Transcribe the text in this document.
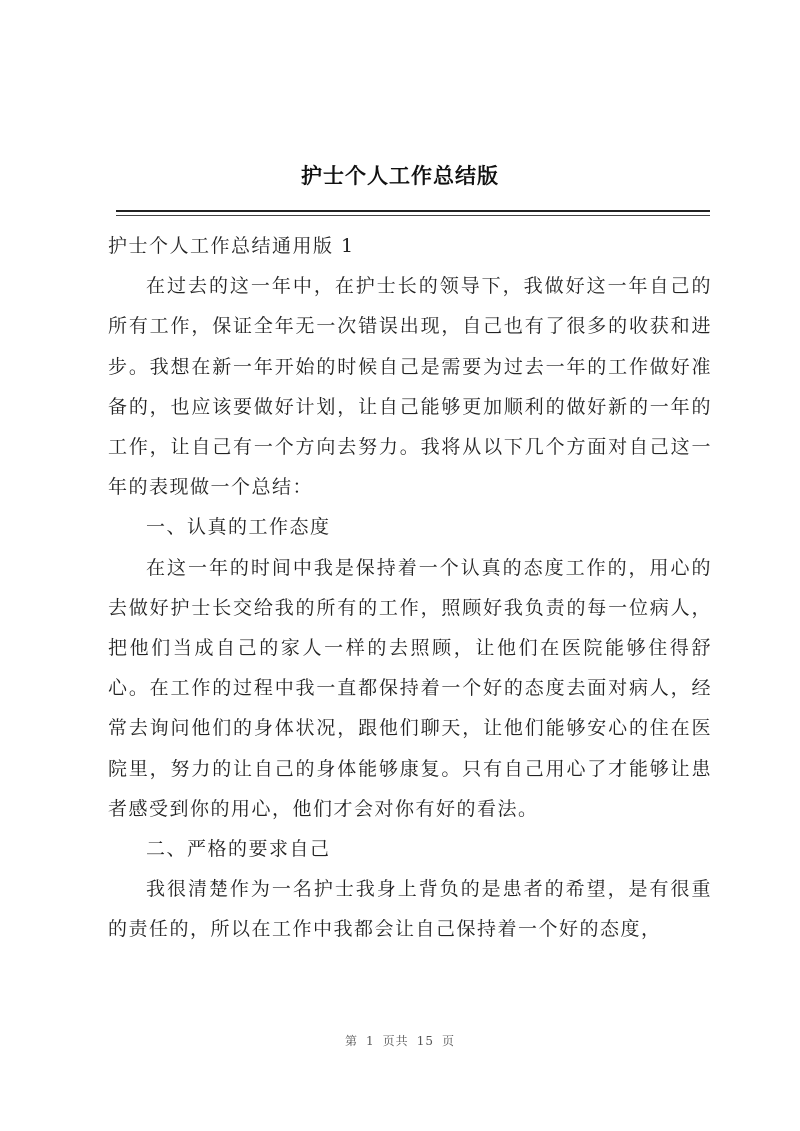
护士个人工作总结版

护士个人工作总结通用版 1

在过去的这一年中，在护士长的领导下，我做好这一年自己的所有工作，保证全年无一次错误出现，自己也有了很多的收获和进步。我想在新一年开始的时候自己是需要为过去一年的工作做好准备的，也应该要做好计划，让自己能够更加顺利的做好新的一年的工作，让自己有一个方向去努力。我将从以下几个方面对自己这一年的表现做一个总结：

一、认真的工作态度

在这一年的时间中我是保持着一个认真的态度工作的，用心的去做好护士长交给我的所有的工作，照顾好我负责的每一位病人，把他们当成自己的家人一样的去照顾，让他们在医院能够住得舒心。在工作的过程中我一直都保持着一个好的态度去面对病人，经常去询问他们的身体状况，跟他们聊天，让他们能够安心的住在医院里，努力的让自己的身体能够康复。只有自己用心了才能够让患者感受到你的用心，他们才会对你有好的看法。

二、严格的要求自己

我很清楚作为一名护士我身上背负的是患者的希望，是有很重的责任的，所以在工作中我都会让自己保持着一个好的态度，

第 1 页共 15 页
